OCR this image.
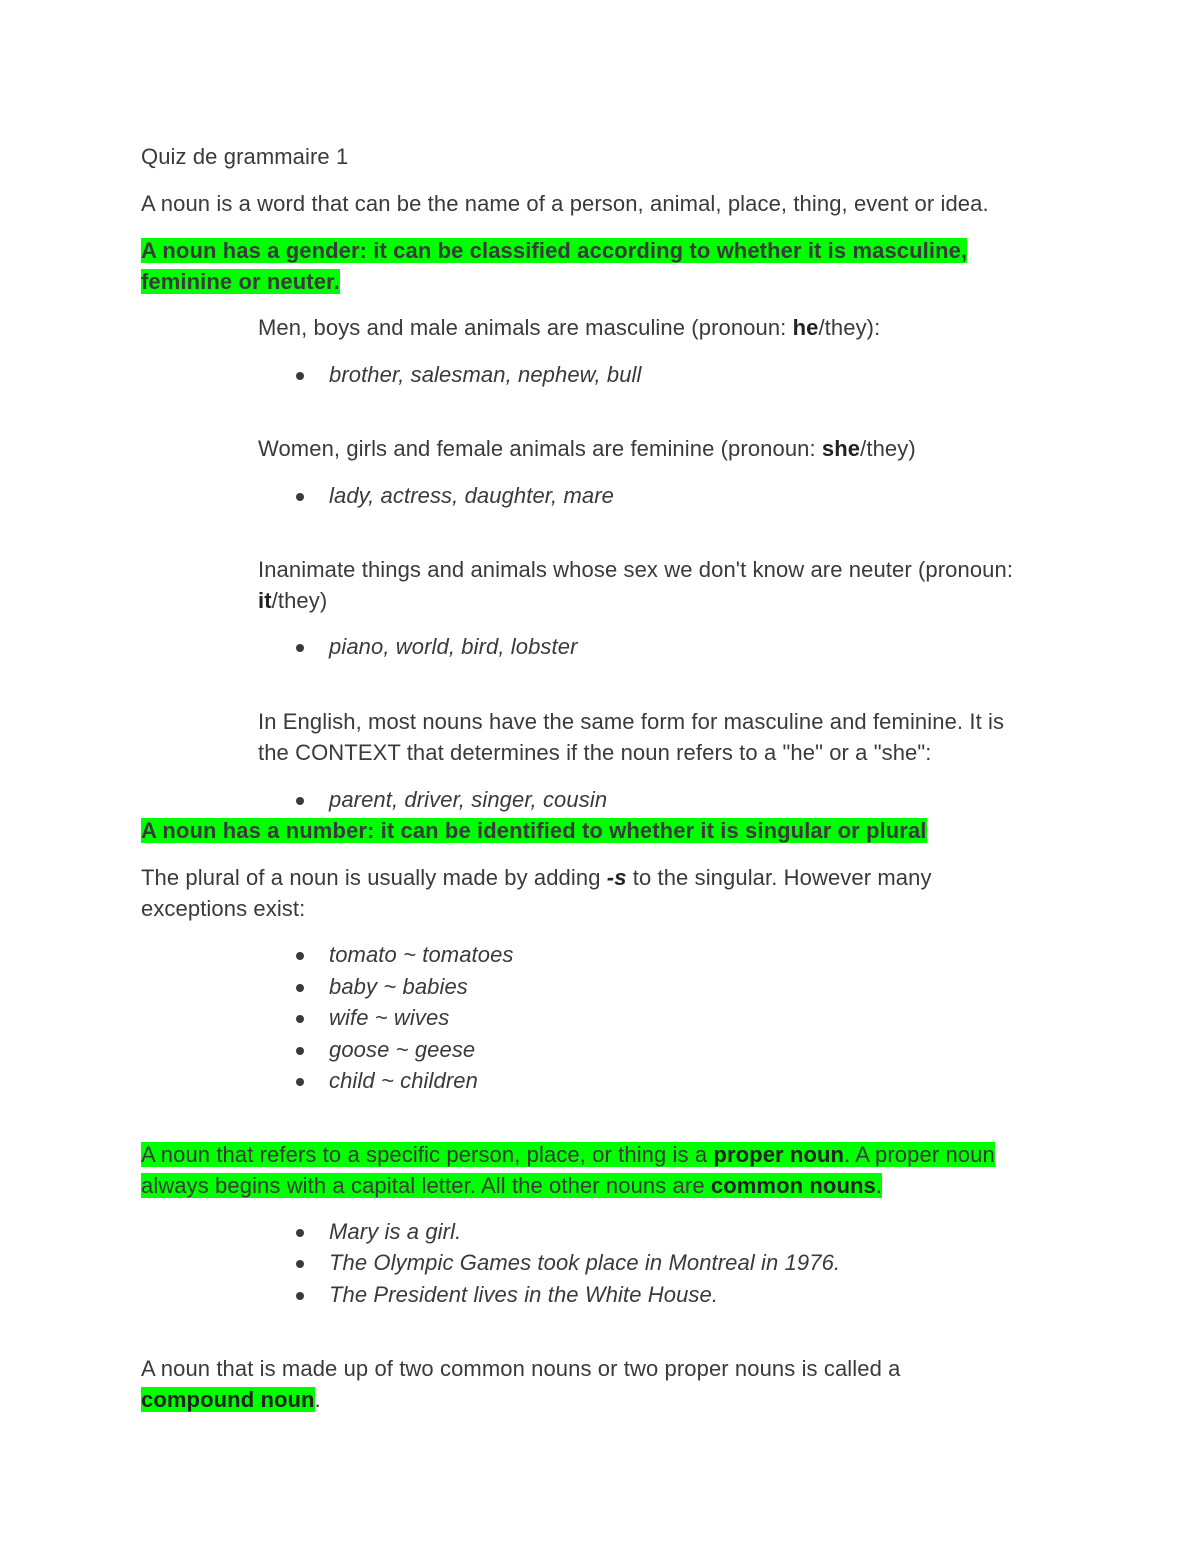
Quiz de grammaire 1
A noun is a word that can be the name of a person, animal, place, thing, event or idea.
A noun has a gender: it can be classified according to whether it is masculine,
feminine or neuter.
Men, boys and male animals are masculine (pronoun: he/they):
brother, salesman, nephew, bull
Women, girls and female animals are feminine (pronoun: she/they)
lady, actress, daughter, mare
Inanimate things and animals whose sex we don't know are neuter (pronoun:
it/they)
piano, world, bird, lobster
In English, most nouns have the same form for masculine and feminine. It is
the CONTEXT that determines if the noun refers to a "he" or a "she":
parent, driver, singer, cousin
A noun has a number: it can be identified to whether it is singular or plural
The plural of a noun is usually made by adding -s to the singular. However many
exceptions exist:
tomato ~ tomatoes
baby ~ babies
wife ~ wives
goose ~ geese
child ~ children
A noun that refers to a specific person, place, or thing is a proper noun. A proper noun
always begins with a capital letter. All the other nouns are common nouns.
Mary is a girl.
The Olympic Games took place in Montreal in 1976.
The President lives in the White House.
A noun that is made up of two common nouns or two proper nouns is called a
compound noun.
